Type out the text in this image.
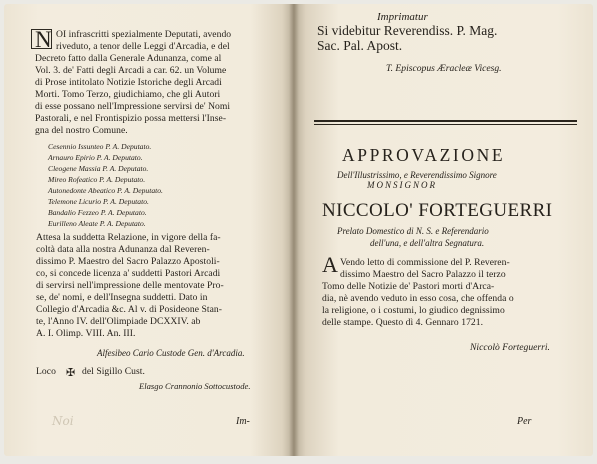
N OI infrascritti spezialmente Deputati, avendo
riveduto, a tenor delle Leggi d'Arcadia, e del
Decreto fatto dalla Generale Adunanza, come al
Vol. 3. de' Fatti degli Arcadi a car. 62. un Volume
di Prose intitolato Notizie Istoriche degli Arcadi
Morti. Tomo Terzo, giudichiamo, che gli Autori
di esse possano nell'Impressione servirsi de' Nomi
Pastorali, e nel Frontispizio possa mettersi l'Inse-
gna del nostro Comune.
Cesennio Issunteo P. A. Deputato.
Arnauro Epirio P. A. Deputato.
Cleogene Massia P. A. Deputato.
Mireo Rofeatico P. A. Deputato.
Autonedonte Abeatico P. A. Deputato.
Telemone Licurio P. A. Deputato.
Bandalio Fezzeo P. A. Deputato.
Eurilleno Aleate P. A. Deputato.
Attesa la suddetta Relazione, in vigore della fa-
coltà data alla nostra Adunanza dal Reveren-
dissimo P. Maestro del Sacro Palazzo Apostoli-
co, si concede licenza a' suddetti Pastori Arcadi
di servirsi nell'impressione delle mentovate Pro-
se, de' nomi, e dell'Insegna suddetti. Dato in
Collegio d'Arcadia &c. Al v. di Posideone Stan-
te, l'Anno IV. dell'Olimpiade DCXXIV. ab
A. I. Olimp. VIII. An. III.
Alfesibeo Cario Custode Gen. d'Arcadia.
Loco ✠ del Sigillo Cust.
Elasgo Crannonio Sottocustode.
Im-
Noi
Imprimatur
Si videbitur Reverendiss. P. Mag.
Sac. Pal. Apost.
T. Episcopus Æracleæ Vicesg.
APPROVAZIONE
Dell'Illustrissimo, e Reverendissimo Signore
MONSIGNOR
NICCOLO' FORTEGUERRI
Prelato Domestico di N. S. e Referendario
dell'una, e dell'altra Segnatura.
A Vendo letto di commissione del P. Reveren-
dissimo Maestro del Sacro Palazzo il terzo
Tomo delle Notizie de' Pastori morti d'Arca-
dia, nè avendo veduto in esso cosa, che offenda o
la religione, o i costumi, lo giudico degnissimo
delle stampe. Questo dì 4. Gennaro 1721.
Niccolò Forteguerri.
Per
